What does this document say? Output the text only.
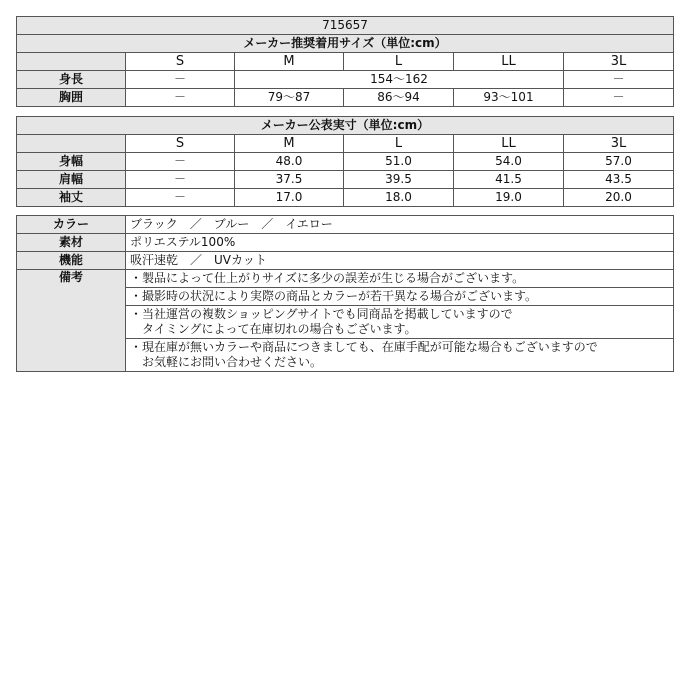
715657					
メーカー推奨着用サイズ（単位:cm）					
	S	M	L	LL	3L
身長	－	154～162			－
胸囲	－	79～87	86～94	93～101	－
メーカー公表実寸（単位:cm）					
	S	M	L	LL	3L
身幅	－	48.0	51.0	54.0	57.0
肩幅	－	37.5	39.5	41.5	43.5
袖丈	－	17.0	18.0	19.0	20.0
カラー	ブラック　／　ブルー　／　イエロー
素材	ポリエステル100%
機能	吸汗速乾　／　UVカット
備考	・製品によって仕上がりサイズに多少の誤差が生じる場合がございます。
	・撮影時の状況により実際の商品とカラーが若干異なる場合がございます。
	・当社運営の複数ショッピングサイトでも同商品を掲載していますので
　タイミングによって在庫切れの場合もございます。
	・現在庫が無いカラーや商品につきましても、在庫手配が可能な場合もございますので
　お気軽にお問い合わせください。
